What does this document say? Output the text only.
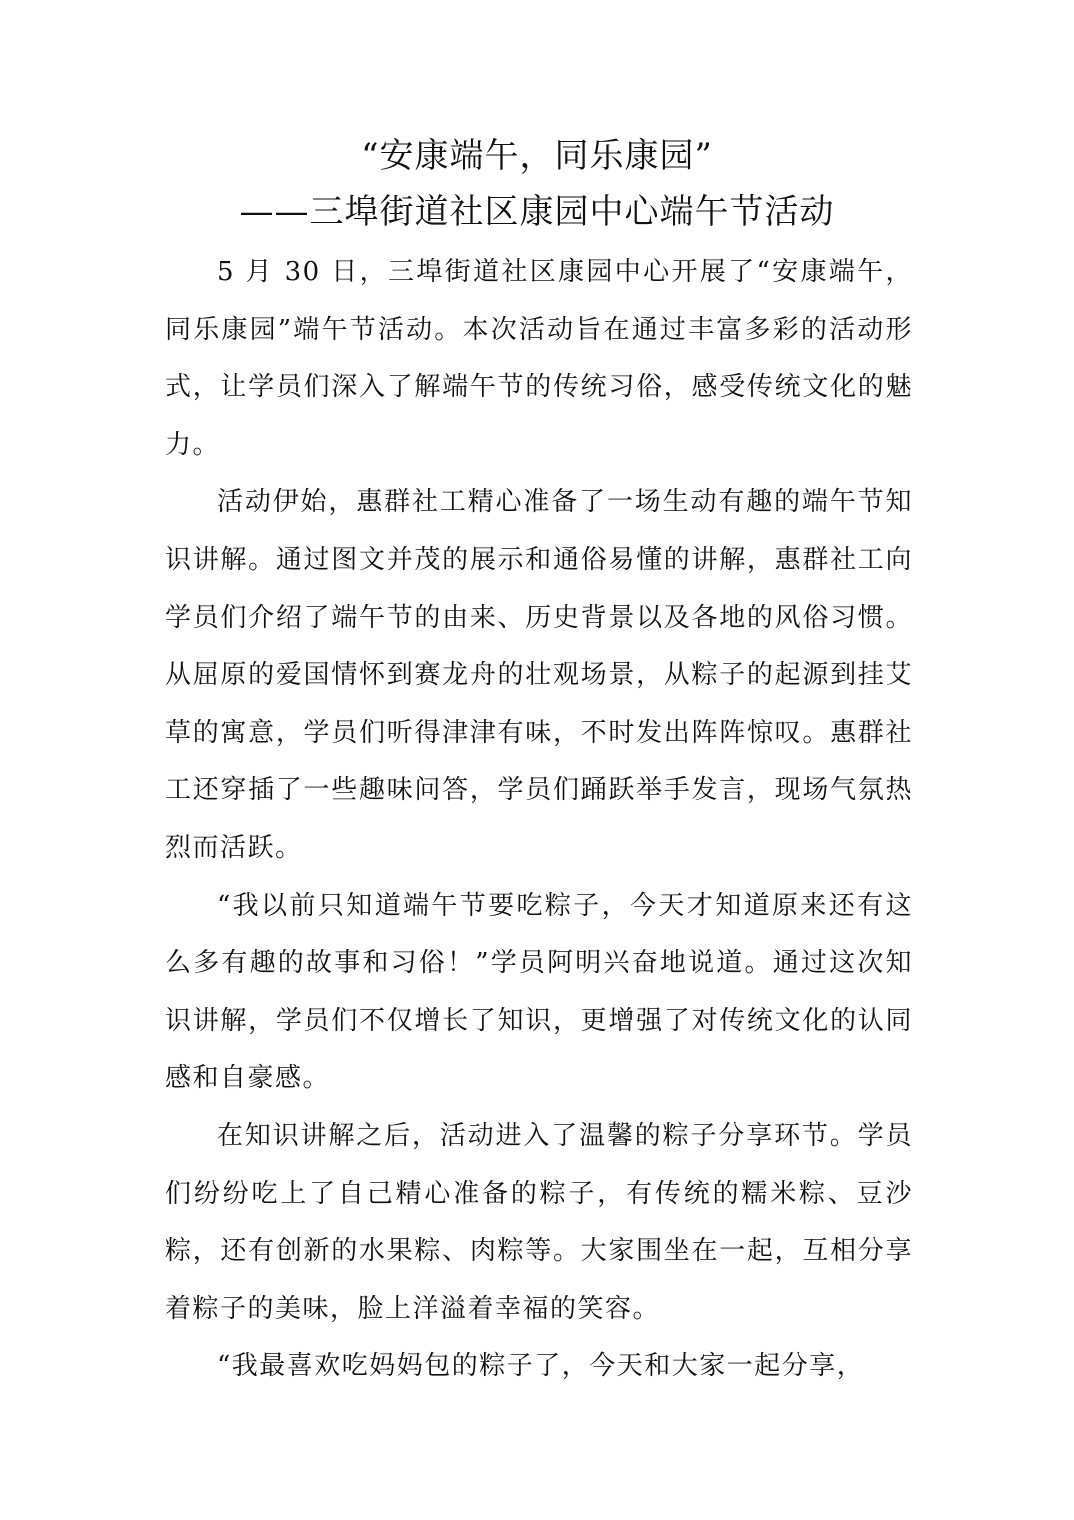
“安康端午，同乐康园”
——三埠街道社区康园中心端午节活动

5 月 30 日，三埠街道社区康园中心开展了“安康端午，同乐康园”端午节活动。本次活动旨在通过丰富多彩的活动形式，让学员们深入了解端午节的传统习俗，感受传统文化的魅力。

活动伊始，惠群社工精心准备了一场生动有趣的端午节知识讲解。通过图文并茂的展示和通俗易懂的讲解，惠群社工向学员们介绍了端午节的由来、历史背景以及各地的风俗习惯。从屈原的爱国情怀到赛龙舟的壮观场景，从粽子的起源到挂艾草的寓意，学员们听得津津有味，不时发出阵阵惊叹。惠群社工还穿插了一些趣味问答，学员们踊跃举手发言，现场气氛热烈而活跃。

“我以前只知道端午节要吃粽子，今天才知道原来还有这么多有趣的故事和习俗！”学员阿明兴奋地说道。通过这次知识讲解，学员们不仅增长了知识，更增强了对传统文化的认同感和自豪感。

在知识讲解之后，活动进入了温馨的粽子分享环节。学员们纷纷吃上了自己精心准备的粽子，有传统的糯米粽、豆沙粽，还有创新的水果粽、肉粽等。大家围坐在一起，互相分享着粽子的美味，脸上洋溢着幸福的笑容。

“我最喜欢吃妈妈包的粽子了，今天和大家一起分享，
